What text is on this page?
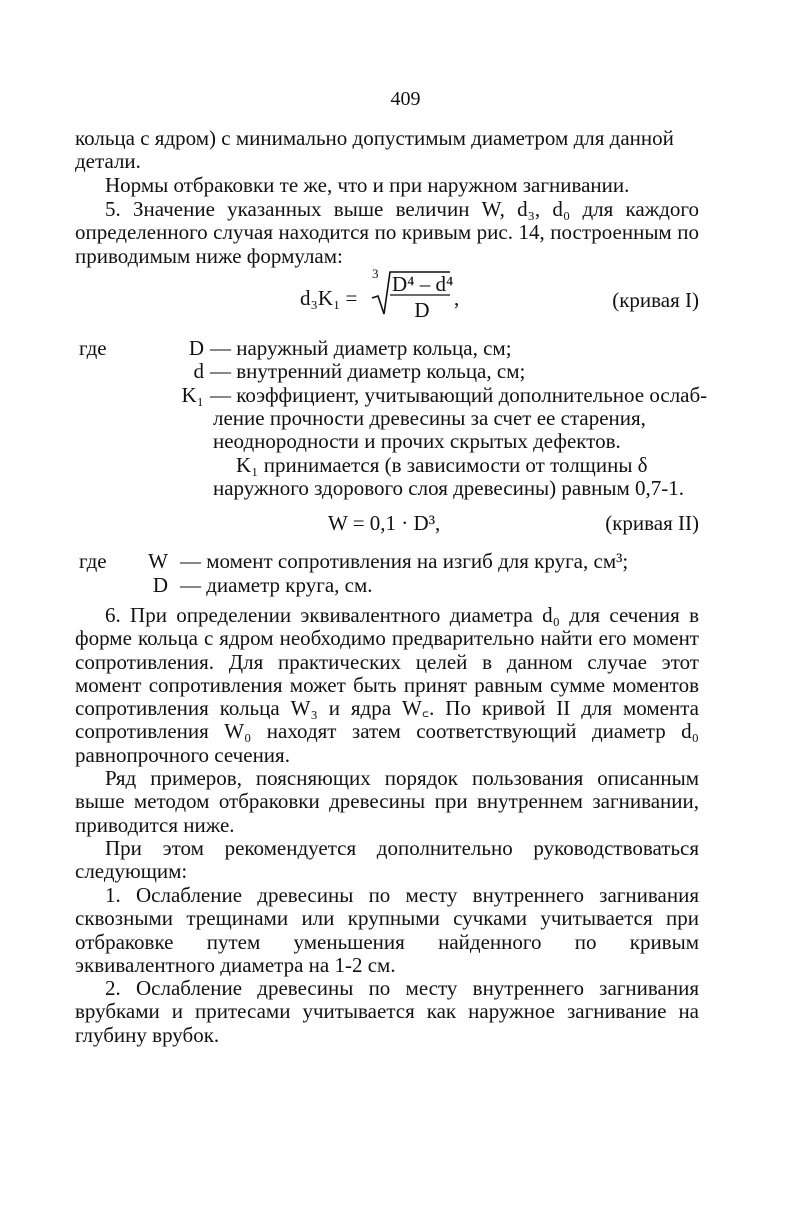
409

кольца с ядром) с минимально допустимым диаметром для данной

детали.

Нормы отбраковки те же, что и при наружном загнивании.

5. Значение указанных выше величин W, d₃, d₀ для каждого определенного случая находится по кривым рис. 14, построенным по приводимым ниже формулам:

d₃K₁ =
3 D⁴ – d⁴
D	,	(кривая I)
где	D — наружный диаметр кольца, см;
d — внутренний диаметр кольца, см;
K₁ — коэффициент, учитывающий дополнительное ослаб-
ление прочности древесины за счет ее старения,
неоднородности и прочих скрытых дефектов.
K₁ принимается (в зависимости от толщины δ
наружного здорового слоя древесины) равным 0,7-1.
W = 0,1 · D³,	(кривая II)
где	W — момент сопротивления на изгиб для круга, см³;
D — диаметр круга, см.

6. При определении эквивалентного диаметра d₀ для сечения в форме кольца с ядром необходимо предварительно найти его момент сопротивления. Для практических целей в данном случае этот момент сопротивления может быть принят равным сумме моментов сопротивления кольца W₃ и ядра W꜀. По кривой II для момента сопротивления W₀ находят затем соответствующий диаметр d₀ равнопрочного сечения.

Ряд примеров, поясняющих порядок пользования описанным выше методом отбраковки древесины при внутреннем загнивании, приводится ниже.

При этом рекомендуется дополнительно руководствоваться следующим:

1. Ослабление древесины по месту внутреннего загнивания сквозными трещинами или крупными сучками учитывается при отбраковке путем уменьшения найденного по кривым эквивалентного диаметра на 1-2 см.

2. Ослабление древесины по месту внутреннего загнивания врубками и притесами учитывается как наружное загнивание на глубину врубок.
